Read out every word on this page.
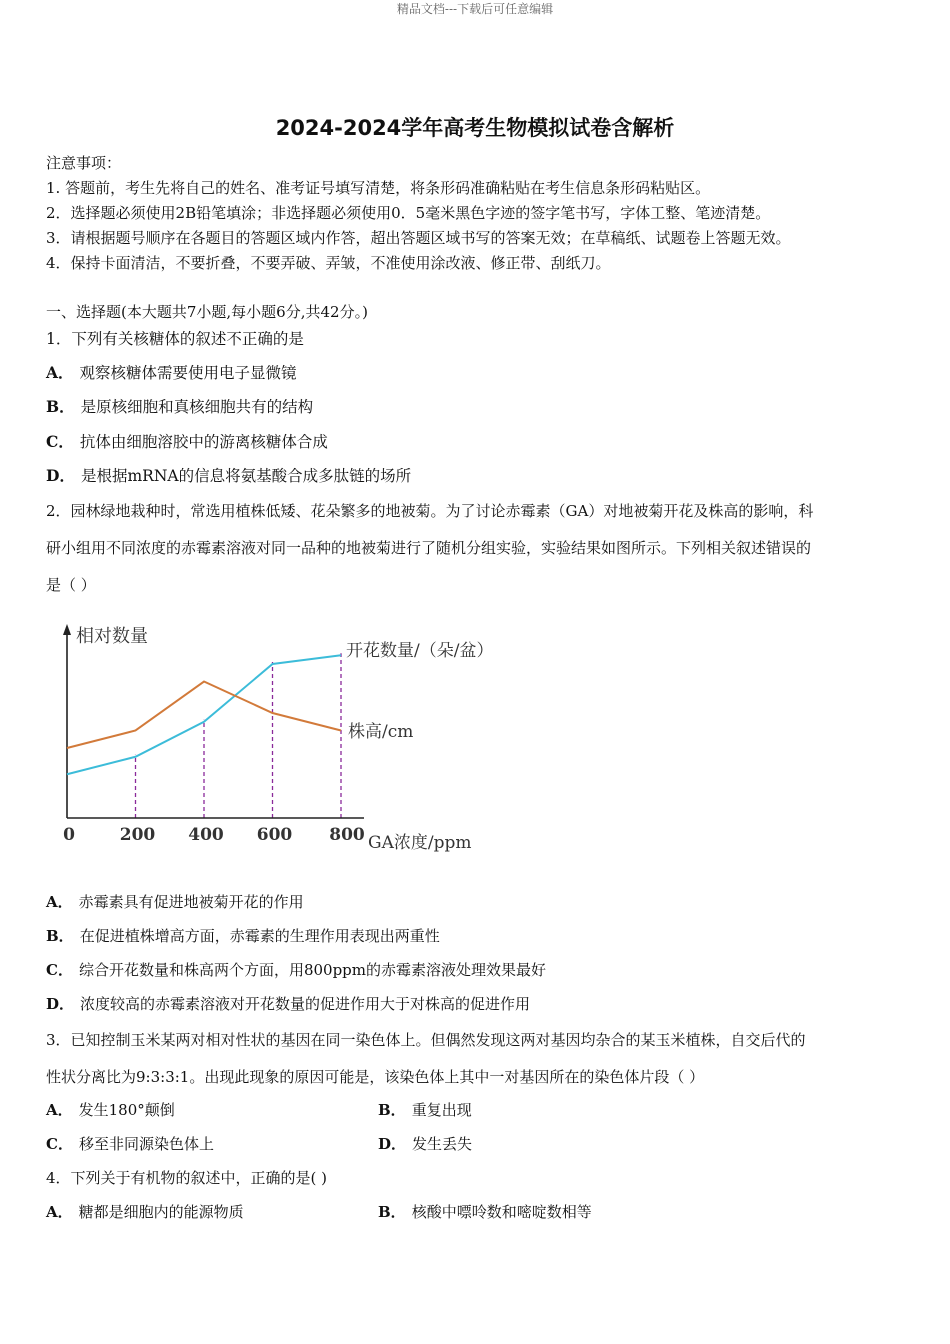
精品文档---下载后可任意编辑
2024-2024学年高考生物模拟试卷含解析
注意事项：
1. 答题前，考生先将自己的姓名、准考证号填写清楚，将条形码准确粘贴在考生信息条形码粘贴区。
2．选择题必须使用2B铅笔填涂；非选择题必须使用0．5毫米黑色字迹的签字笔书写，字体工整、笔迹清楚。
3．请根据题号顺序在各题目的答题区域内作答，超出答题区域书写的答案无效；在草稿纸、试题卷上答题无效。
4．保持卡面清洁，不要折叠，不要弄破、弄皱，不准使用涂改液、修正带、刮纸刀。
一、选择题(本大题共7小题,每小题6分,共42分。)
1．下列有关核糖体的叙述不正确的是
A． 观察核糖体需要使用电子显微镜
B． 是原核细胞和真核细胞共有的结构
C． 抗体由细胞溶胶中的游离核糖体合成
D． 是根据mRNA的信息将氨基酸合成多肽链的场所
2．园林绿地栽种时，常选用植株低矮、花朵繁多的地被菊。为了讨论赤霉素（GA）对地被菊开花及株高的影响，科
研小组用不同浓度的赤霉素溶液对同一品种的地被菊进行了随机分组实验，实验结果如图所示。下列相关叙述错误的
是（ ）
0	200 400 600 800
相对数量
GA浓度/ppm
开花数量/（朵/盆）
株高/cm
A． 赤霉素具有促进地被菊开花的作用
B． 在促进植株增高方面，赤霉素的生理作用表现出两重性
C． 综合开花数量和株高两个方面，用800ppm的赤霉素溶液处理效果最好
D． 浓度较高的赤霉素溶液对开花数量的促进作用大于对株高的促进作用
3．已知控制玉米某两对相对性状的基因在同一染色体上。但偶然发现这两对基因均杂合的某玉米植株，自交后代的
性状分离比为9:3:3:1。出现此现象的原因可能是，该染色体上其中一对基因所在的染色体片段（ ）
A． 发生180°颠倒	B． 重复出现
C． 移至非同源染色体上	D． 发生丢失
4．下列关于有机物的叙述中，正确的是( )
A． 糖都是细胞内的能源物质	B． 核酸中嘌呤数和嘧啶数相等
